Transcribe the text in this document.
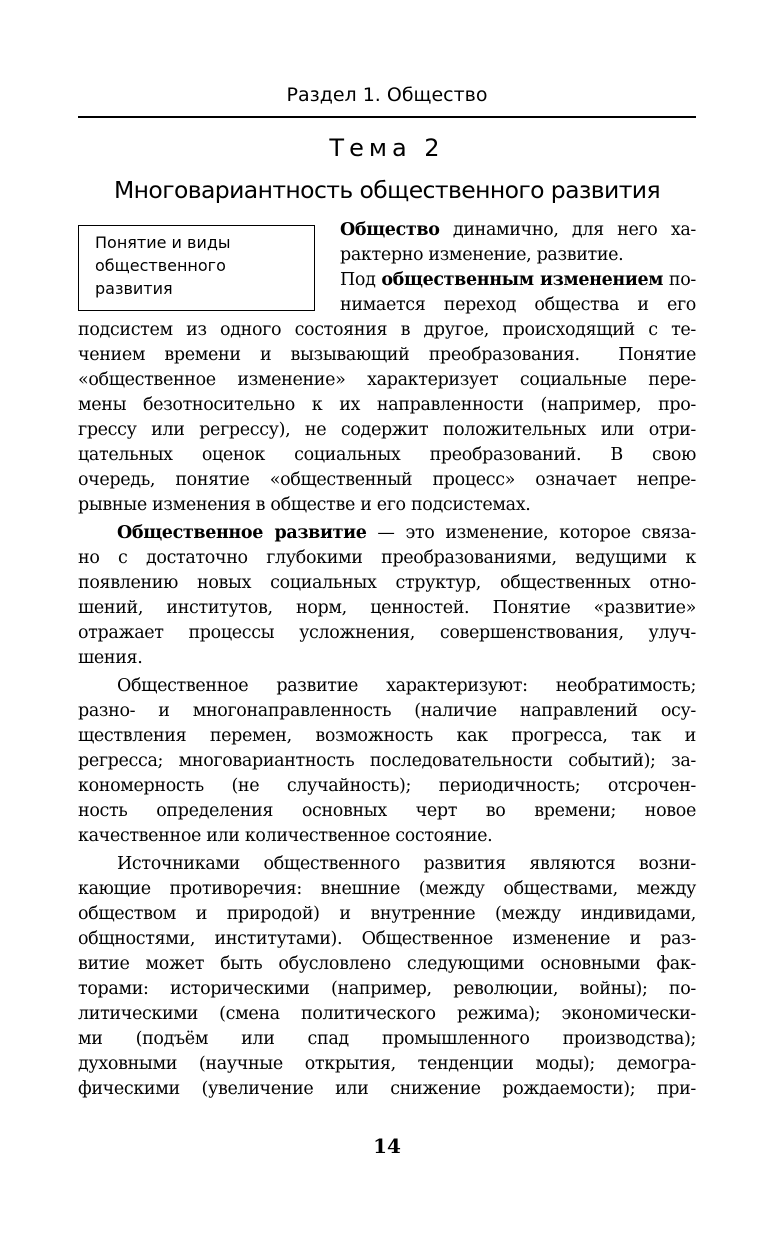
Раздел 1. Общество
Тема 2
Многовариантность общественного развития
Понятие и виды
общественного
развития
Общество динамично, для него ха-
рактерно изменение, развитие.
Под общественным изменением по-
нимается переход общества и его
подсистем из одного состояния в другое, происходящий с те-
чением времени и вызывающий преобразования.  Понятие
«общественное изменение» характеризует социальные пере-
мены безотносительно к их направленности (например, про-
грессу или регрессу), не содержит положительных или отри-
цательных оценок социальных преобразований. В свою
очередь, понятие «общественный процесс» означает непре-
рывные изменения в обществе и его подсистемах.
Общественное развитие — это изменение, которое связа-
но с достаточно глубокими преобразованиями, ведущими к
появлению новых социальных структур, общественных отно-
шений, институтов, норм, ценностей. Понятие «развитие»
отражает процессы усложнения, совершенствования, улуч-
шения.
Общественное развитие характеризуют: необратимость;
разно- и многонаправленность (наличие направлений осу-
ществления перемен, возможность как прогресса, так и
регресса; многовариантность последовательности событий); за-
кономерность (не случайность); периодичность; отсрочен-
ность определения основных черт во времени; новое
качественное или количественное состояние.
Источниками общественного развития являются возни-
кающие противоречия: внешние (между обществами, между
обществом и природой) и внутренние (между индивидами,
общностями, институтами). Общественное изменение и раз-
витие может быть обусловлено следующими основными фак-
торами: историческими (например, революции, войны); по-
литическими (смена политического режима); экономически-
ми (подъём или спад промышленного производства);
духовными (научные открытия, тенденции моды); демогра-
фическими (увеличение или снижение рождаемости); при-
14
